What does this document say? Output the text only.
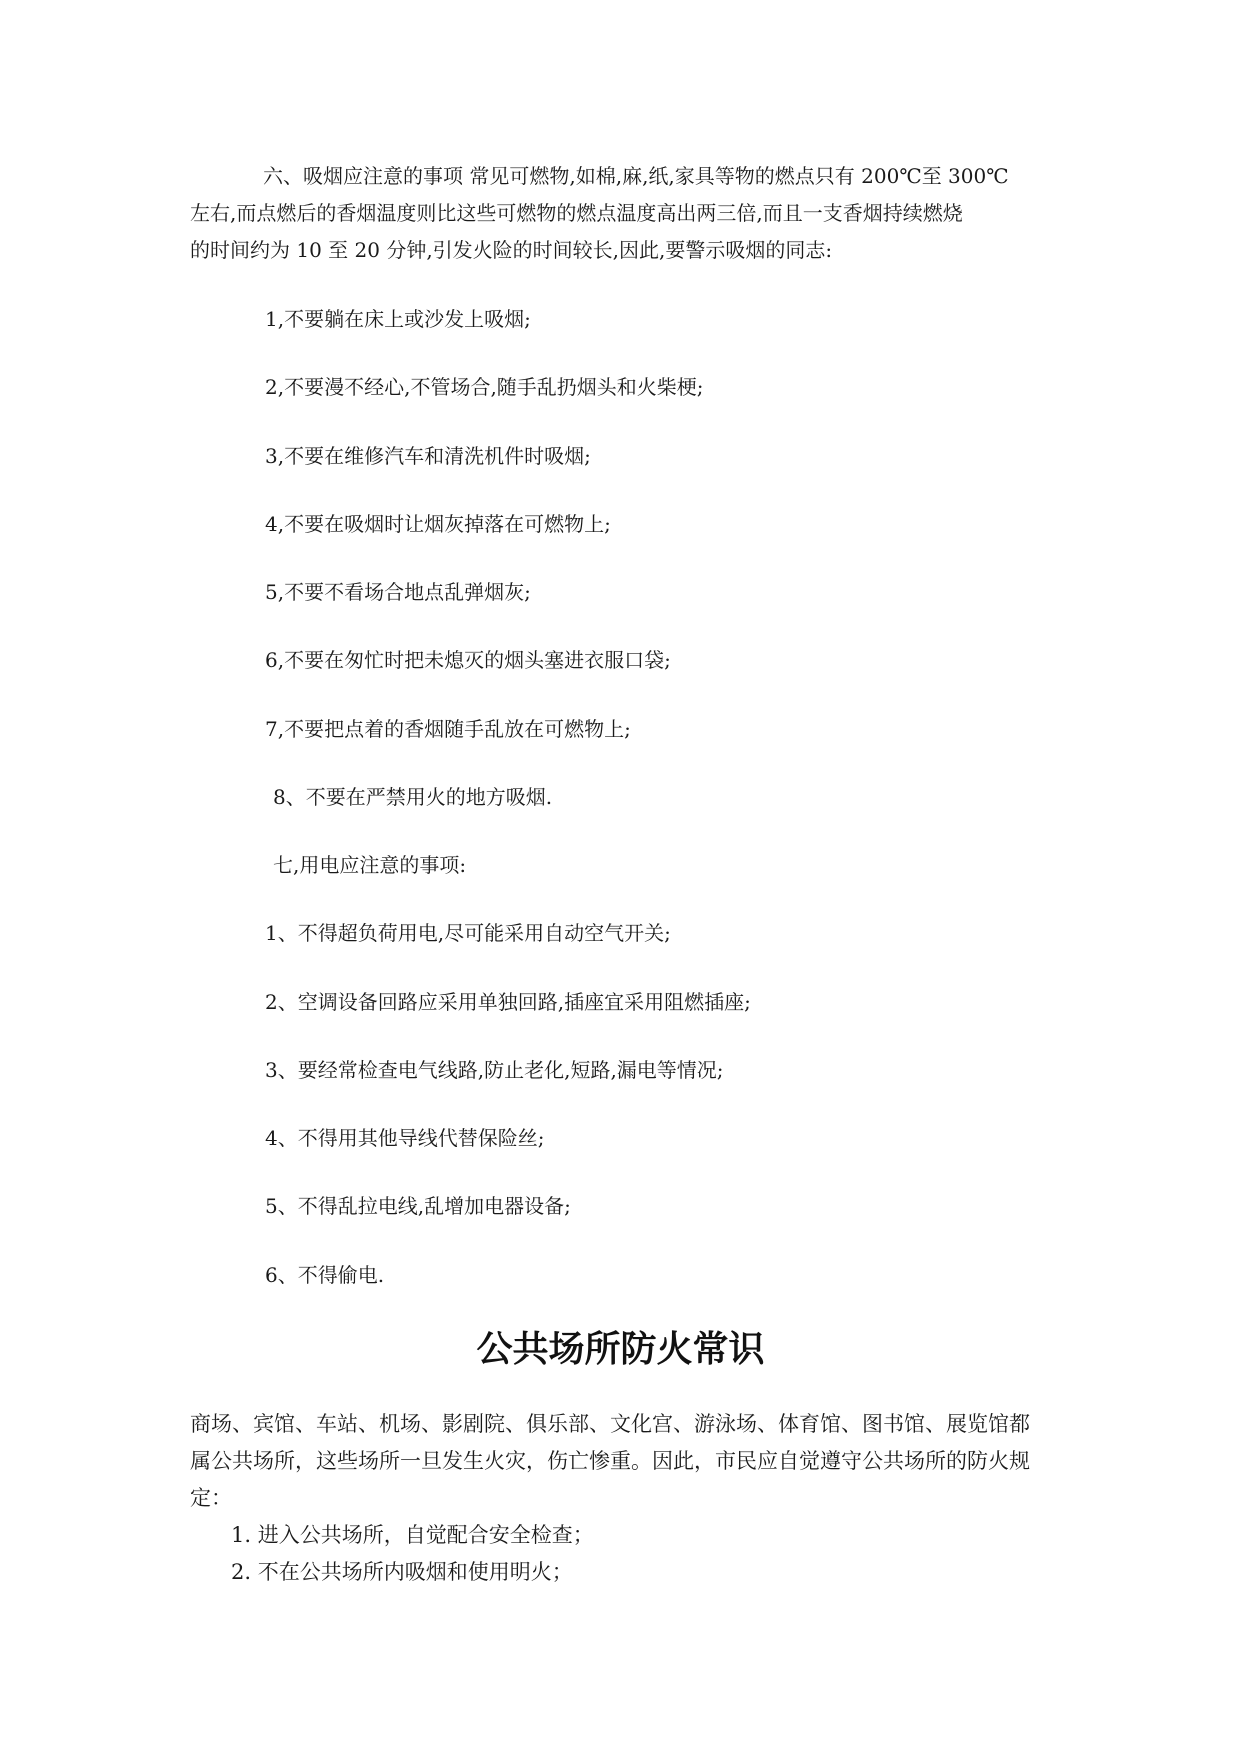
六、吸烟应注意的事项 常见可燃物,如棉,麻,纸,家具等物的燃点只有 200℃至 300℃

左右,而点燃后的香烟温度则比这些可燃物的燃点温度高出两三倍,而且一支香烟持续燃烧

的时间约为 10 至 20 分钟,引发火险的时间较长,因此,要警示吸烟的同志:

1,不要躺在床上或沙发上吸烟;

2,不要漫不经心,不管场合,随手乱扔烟头和火柴梗;

3,不要在维修汽车和清洗机件时吸烟;

4,不要在吸烟时让烟灰掉落在可燃物上;

5,不要不看场合地点乱弹烟灰;

6,不要在匆忙时把未熄灭的烟头塞进衣服口袋;

7,不要把点着的香烟随手乱放在可燃物上;

8、不要在严禁用火的地方吸烟.

七,用电应注意的事项:

1、不得超负荷用电,尽可能采用自动空气开关;

2、空调设备回路应采用单独回路,插座宜采用阻燃插座;

3、要经常检查电气线路,防止老化,短路,漏电等情况;

4、不得用其他导线代替保险丝;

5、不得乱拉电线,乱增加电器设备;

6、不得偷电.

公共场所防火常识

商场、宾馆、车站、机场、影剧院、俱乐部、文化宫、游泳场、体育馆、图书馆、展览馆都

属公共场所，这些场所一旦发生火灾，伤亡惨重。因此，市民应自觉遵守公共场所的防火规

定：

1. 进入公共场所，自觉配合安全检查；

2. 不在公共场所内吸烟和使用明火；
